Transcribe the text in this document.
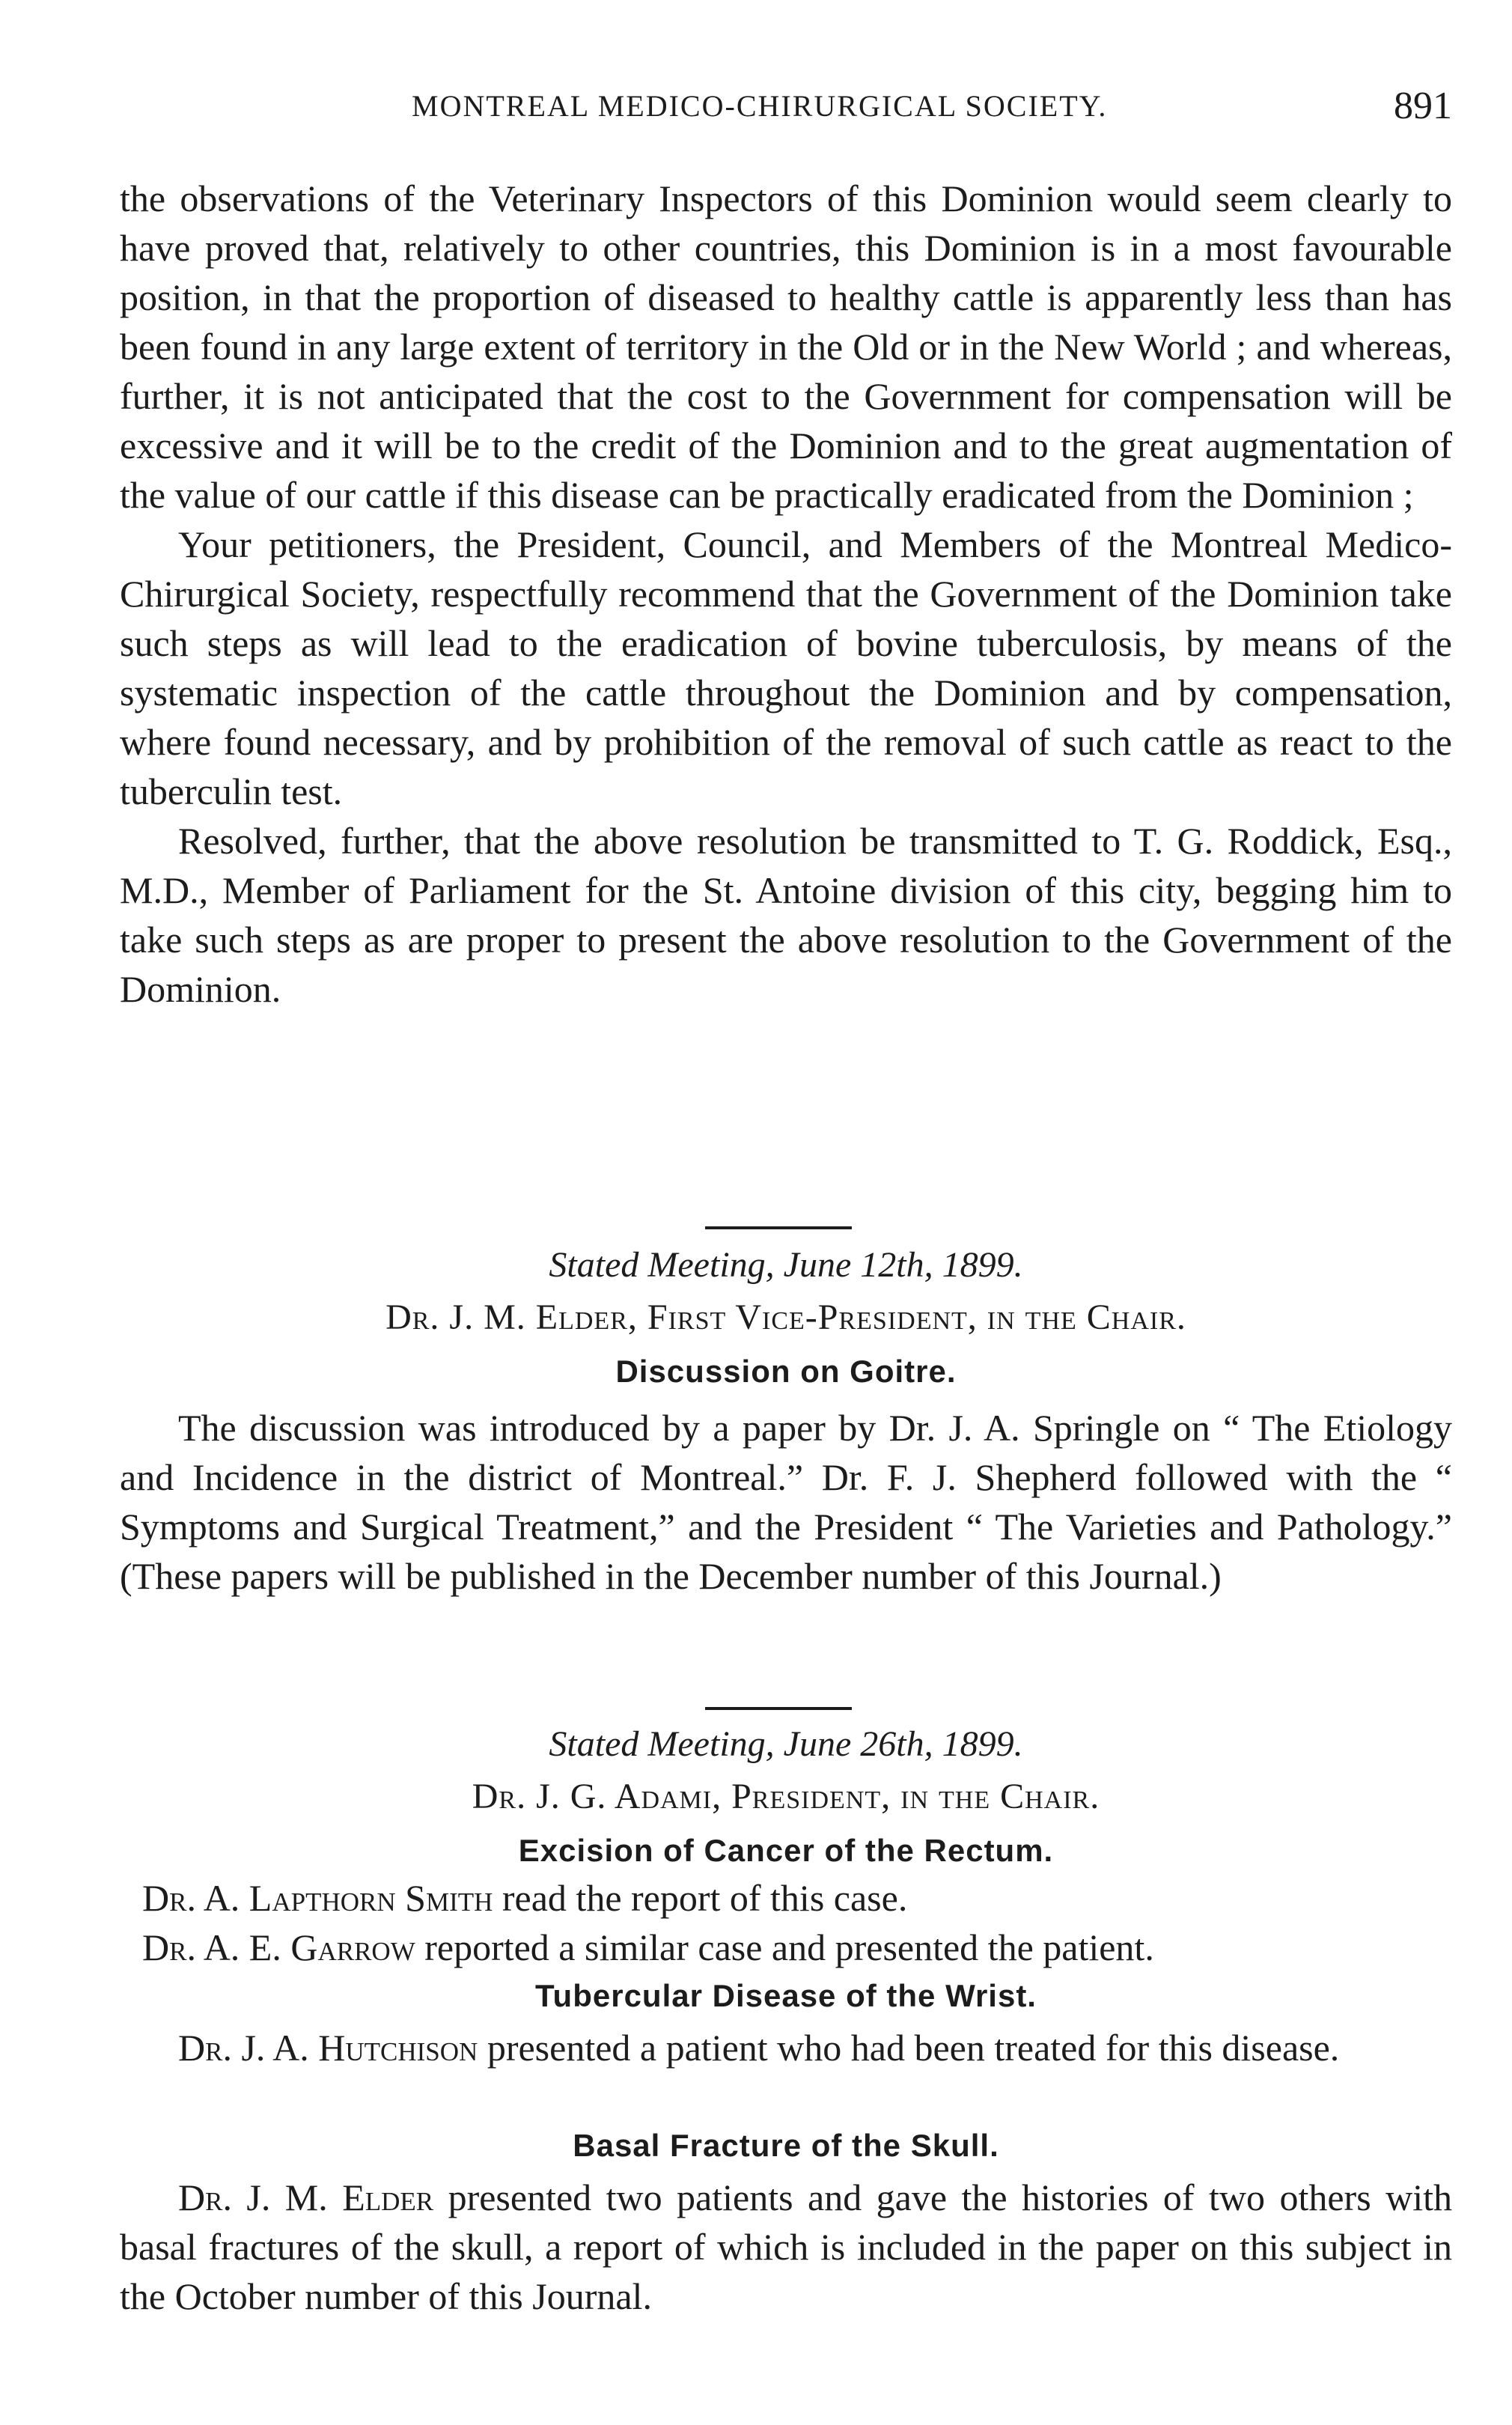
MONTREAL MEDICO-CHIRURGICAL SOCIETY.	891

the observations of the Veterinary Inspectors of this Dominion would seem clearly to have proved that, relatively to other countries, this Dominion is in a most favourable position, in that the proportion of diseased to healthy cattle is apparently less than has been found in any large extent of territory in the Old or in the New World ; and whereas, further, it is not anticipated that the cost to the Government for compensation will be excessive and it will be to the credit of the Dominion and to the great augmentation of the value of our cattle if this disease can be practically eradicated from the Dominion ;

Your petitioners, the President, Council, and Members of the Montreal Medico-Chirurgical Society, respectfully recommend that the Government of the Dominion take such steps as will lead to the eradication of bovine tuberculosis, by means of the systematic inspection of the cattle throughout the Dominion and by compensation, where found necessary, and by prohibition of the removal of such cattle as react to the tuberculin test.

Resolved, further, that the above resolution be transmitted to T. G. Roddick, Esq., M.D., Member of Parliament for the St. Antoine division of this city, begging him to take such steps as are proper to present the above resolution to the Government of the Dominion.

Stated Meeting, June 12th, 1899.
Dr. J. M. Elder, First Vice-President, in the Chair.
Discussion on Goitre.

The discussion was introduced by a paper by Dr. J. A. Springle on “ The Etiology and Incidence in the district of Montreal.” Dr. F. J. Shepherd followed with the “ Symptoms and Surgical Treatment,” and the President “ The Varieties and Pathology.” (These papers will be published in the December number of this Journal.)

Stated Meeting, June 26th, 1899.
Dr. J. G. Adami, President, in the Chair.
Excision of Cancer of the Rectum.
Dr. A. Lapthorn Smith read the report of this case.
Dr. A. E. Garrow reported a similar case and presented the patient.
Tubercular Disease of the Wrist.

Dr. J. A. Hutchison presented a patient who had been treated for this disease.

Basal Fracture of the Skull.

Dr. J. M. Elder presented two patients and gave the histories of two others with basal fractures of the skull, a report of which is included in the paper on this subject in the October number of this Journal.
